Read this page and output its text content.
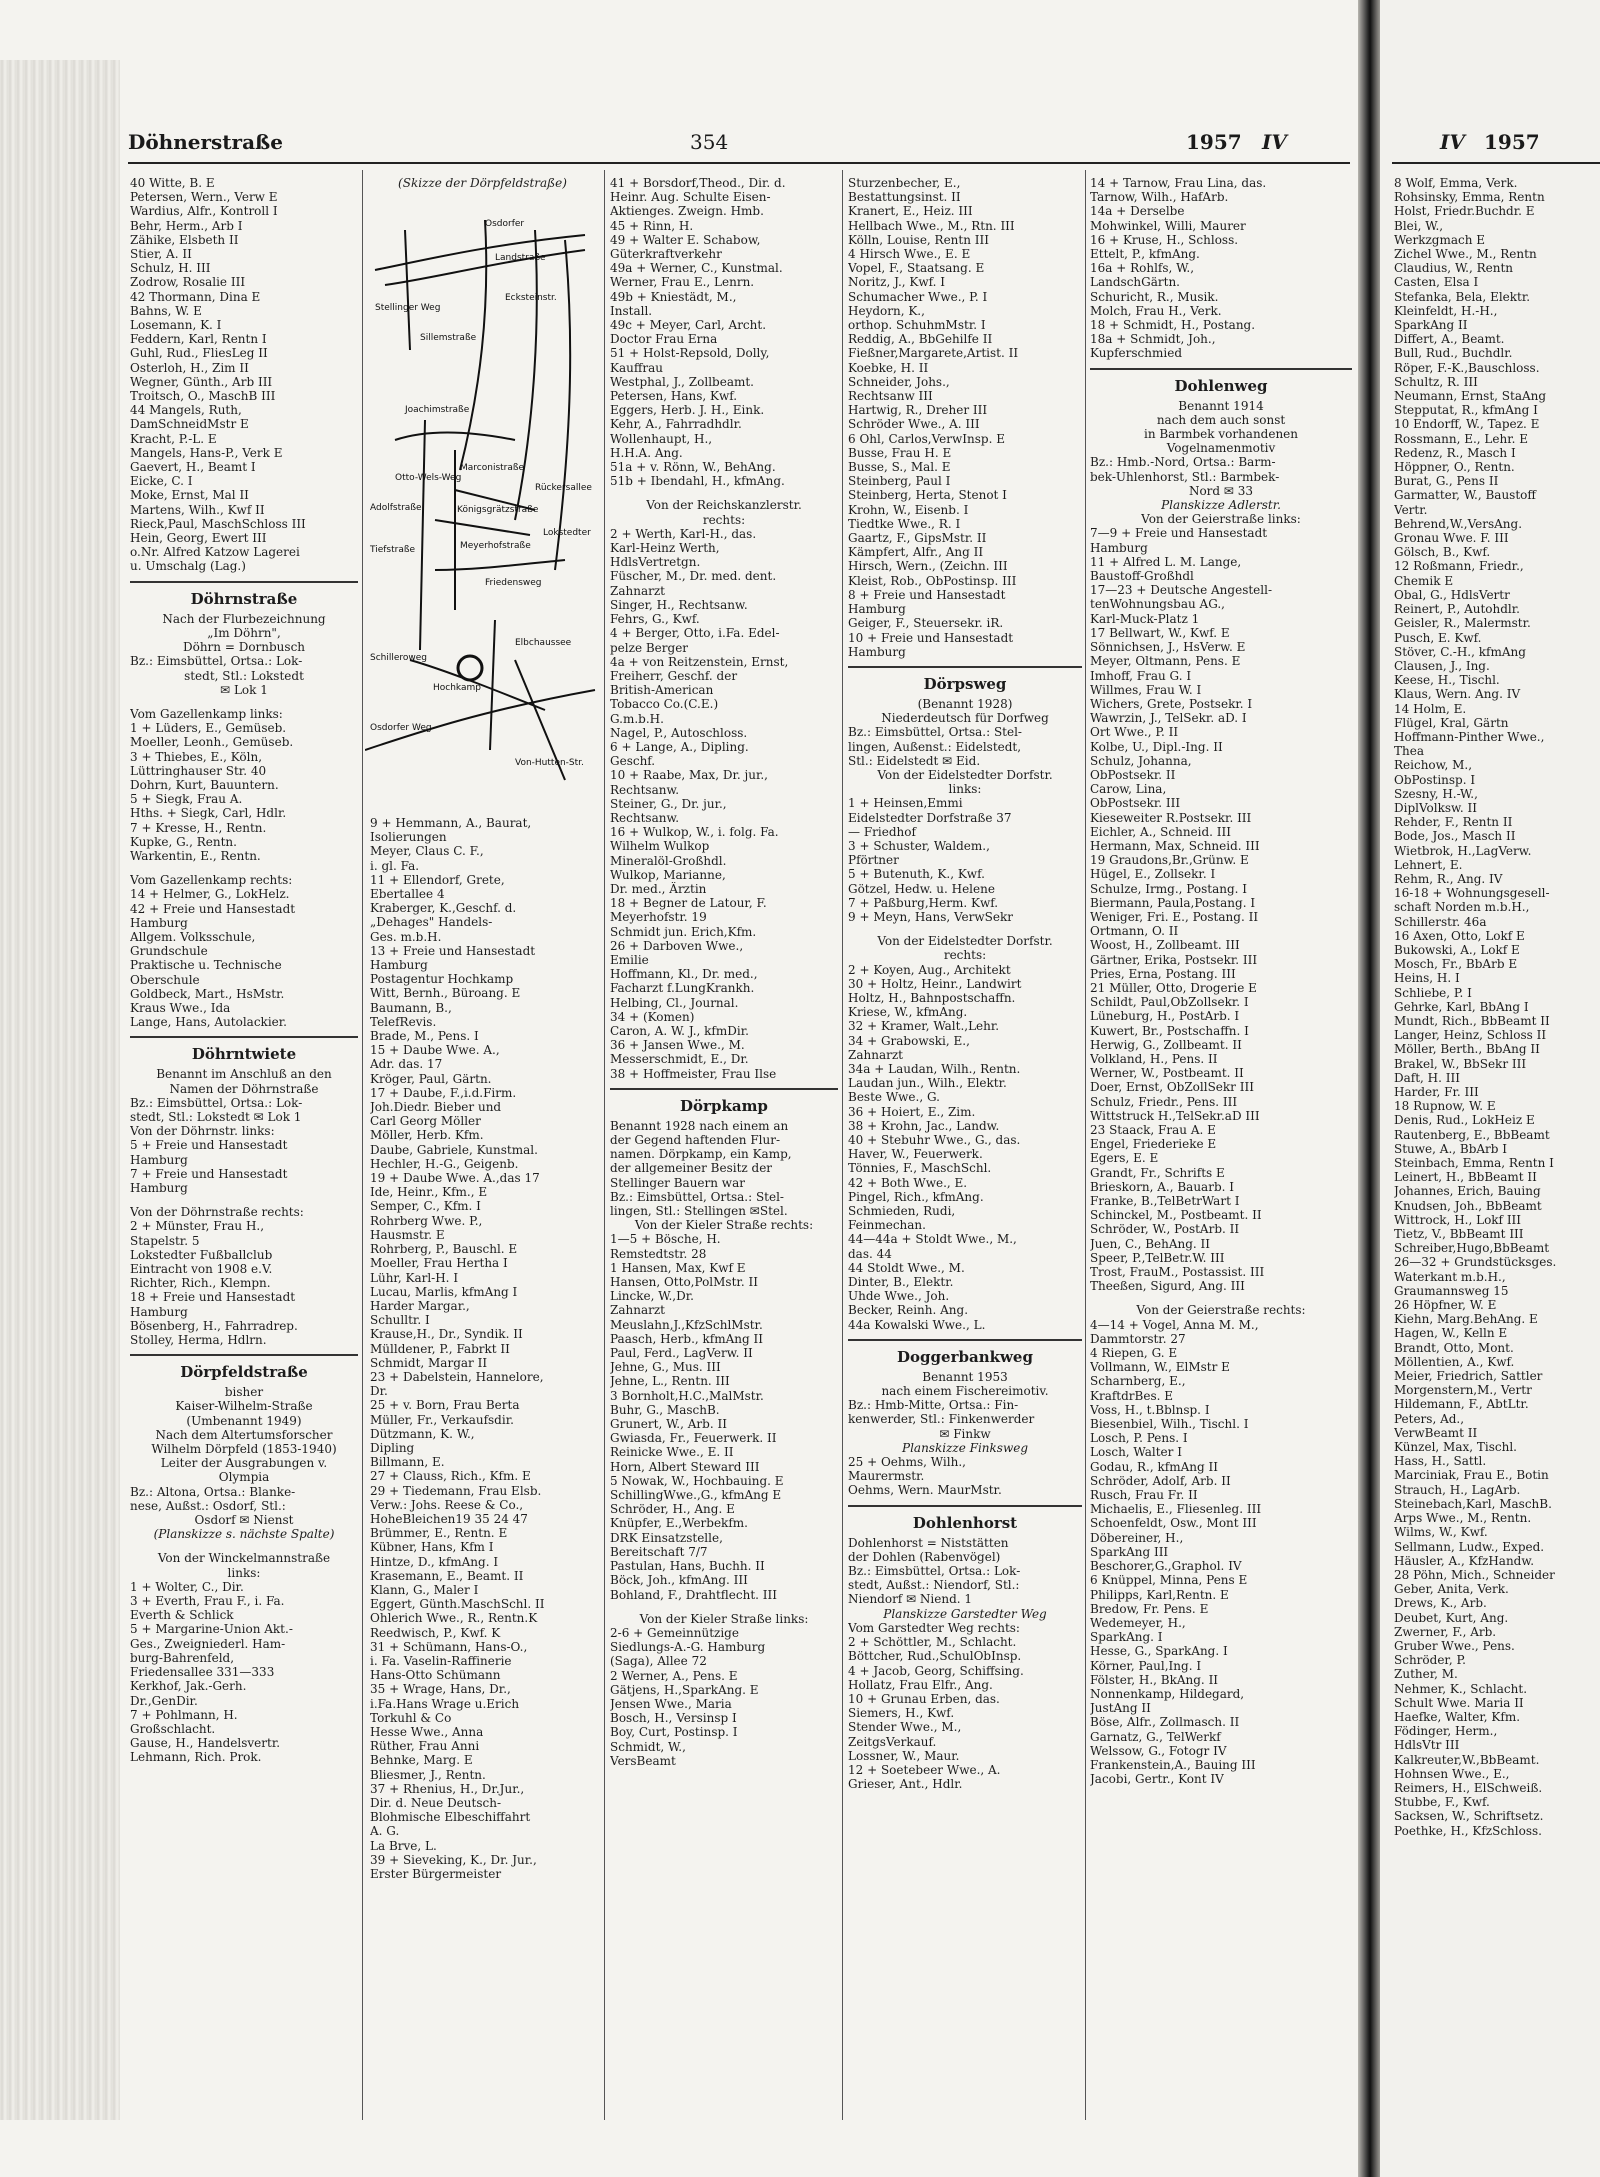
Döhnerstraße	354	1957 IV	IV 1957
40 Witte, B. E
Petersen, Wern., Verw E
Wardius, Alfr., Kontroll I
Behr, Herm., Arb I
Zähike, Elsbeth II
Stier, A. II
Schulz, H. III
Zodrow, Rosalie III
42 Thormann, Dina E
Bahns, W. E
Losemann, K. I
Feddern, Karl, Rentn I
Guhl, Rud., FliesLeg II
Osterloh, H., Zim II
Wegner, Günth., Arb III
Troitsch, O., MaschB III
44 Mangels, Ruth,
DamSchneidMstr E
Kracht, P.-L. E
Mangels, Hans-P., Verk E
Gaevert, H., Beamt I
Eicke, C. I
Moke, Ernst, Mal II
Martens, Wilh., Kwf II
Rieck,Paul, MaschSchloss III
Hein, Georg, Ewert III
o.Nr. Alfred Katzow Lagerei
u. Umschalg (Lag.)
Döhrnstraße
Nach der Flurbezeichnung
„Im Döhrn",
Döhrn = Dornbusch
Bz.: Eimsbüttel, Ortsa.: Lok-
stedt, Stl.: Lokstedt
✉ Lok 1
Vom Gazellenkamp links:
1 + Lüders, E., Gemüseb.
Moeller, Leonh., Gemüseb.
3 + Thiebes, E., Köln,
Lüttringhauser Str. 40
Dohrn, Kurt, Bauuntern.
5 + Siegk, Frau A.
Hths. + Siegk, Carl, Hdlr.
7 + Kresse, H., Rentn.
Kupke, G., Rentn.
Warkentin, E., Rentn.
Vom Gazellenkamp rechts:
14 + Helmer, G., LokHelz.
42 + Freie und Hansestadt
Hamburg
Allgem. Volksschule,
Grundschule
Praktische u. Technische
Oberschule
Goldbeck, Mart., HsMstr.
Kraus Wwe., Ida
Lange, Hans, Autolackier.
Döhrntwiete
Benannt im Anschluß an den
Namen der Döhrnstraße
Bz.: Eimsbüttel, Ortsa.: Lok-
stedt, Stl.: Lokstedt ✉ Lok 1
Von der Döhrnstr. links:
5 + Freie und Hansestadt
Hamburg
7 + Freie und Hansestadt
Hamburg
Von der Döhrnstraße rechts:
2 + Münster, Frau H.,
Stapelstr. 5
Lokstedter Fußballclub
Eintracht von 1908 e.V.
Richter, Rich., Klempn.
18 + Freie und Hansestadt
Hamburg
Bösenberg, H., Fahrradrep.
Stolley, Herma, Hdlrn.
Dörpfeldstraße
bisher
Kaiser-Wilhelm-Straße
(Umbenannt 1949)
Nach dem Altertumsforscher
Wilhelm Dörpfeld (1853-1940)
Leiter der Ausgrabungen v.
Olympia
Bz.: Altona, Ortsa.: Blanke-
nese, Außst.: Osdorf, Stl.:
Osdorf ✉ Nienst
(Planskizze s. nächste Spalte)
Von der Winckelmannstraße
links:
1 + Wolter, C., Dir.
3 + Everth, Frau F., i. Fa.
Everth & Schlick
5 + Margarine-Union Akt.-
Ges., Zweigniederl. Ham-
burg-Bahrenfeld,
Friedensallee 331—333
Kerkhof, Jak.-Gerh.
Dr.,GenDir.
7 + Pohlmann, H.
Großschlacht.
Gause, H., Handelsvertr.
Lehmann, Rich. Prok.
(Skizze der Dörpfeldstraße)
Osdorfer
Landstraße
Stellinger Weg
Ecksteinstr.
Sillemstraße
Joachimstraße
Otto-Wels-Weg
Marconistraße
Adolfstraße	Königsgrätzstraße
Meyerhofstraße
Rückersallee
Lokstedter
Friedensweg
Tiefstraße
Schilleroweg
Hochkamp
Elbchaussee
Osdorfer Weg
Von-Hutten-Str.
9 + Hemmann, A., Baurat,
Isolierungen
Meyer, Claus C. F.,
i. gl. Fa.
11 + Ellendorf, Grete,
Ebertallee 4
Kraberger, K.,Geschf. d.
„Dehages" Handels-
Ges. m.b.H.
13 + Freie und Hansestadt
Hamburg
Postagentur Hochkamp
Witt, Bernh., Büroang. E
Baumann, B.,
TelefRevis.
Brade, M., Pens. I
15 + Daube Wwe. A.,
Adr. das. 17
Kröger, Paul, Gärtn.
17 + Daube, F.,i.d.Firm.
Joh.Diedr. Bieber und
Carl Georg Möller
Möller, Herb. Kfm.
Daube, Gabriele, Kunstmal.
Hechler, H.-G., Geigenb.
19 + Daube Wwe. A.,das 17
Ide, Heinr., Kfm., E
Semper, C., Kfm. I
Rohrberg Wwe. P.,
Hausmstr. E
Rohrberg, P., Bauschl. E
Moeller, Frau Hertha I
Lühr, Karl-H. I
Lucau, Marlis, kfmAng I
Harder Margar.,
Schulltr. I
Krause,H., Dr., Syndik. II
Mülldener, P., Fabrkt II
Schmidt, Margar II
23 + Dabelstein, Hannelore,
Dr.
25 + v. Born, Frau Berta
Müller, Fr., Verkaufsdir.
Dützmann, K. W.,
Dipling
Billmann, E.
27 + Clauss, Rich., Kfm. E
29 + Tiedemann, Frau Elsb.
Verw.: Johs. Reese & Co.,
HoheBleichen19 35 24 47
Brümmer, E., Rentn. E
Kübner, Hans, Kfm I
Hintze, D., kfmAng. I
Krasemann, E., Beamt. II
Klann, G., Maler I
Eggert, Günth.MaschSchl. II
Ohlerich Wwe., R., Rentn.K
Reedwisch, P., Kwf. K
31 + Schümann, Hans-O.,
i. Fa. Vaselin-Raffinerie
Hans-Otto Schümann
35 + Wrage, Hans, Dr.,
i.Fa.Hans Wrage u.Erich
Torkuhl & Co
Hesse Wwe., Anna
Rüther, Frau Anni
Behnke, Marg. E
Bliesmer, J., Rentn.
37 + Rhenius, H., Dr.Jur.,
Dir. d. Neue Deutsch-
Blohmische Elbeschiffahrt
A. G.
La Brve, L.
39 + Sieveking, K., Dr. Jur.,
Erster Bürgermeister
41 + Borsdorf,Theod., Dir. d.
Heinr. Aug. Schulte Eisen-
Aktienges. Zweign. Hmb.
45 + Rinn, H.
49 + Walter E. Schabow,
Güterkraftverkehr
49a + Werner, C., Kunstmal.
Werner, Frau E., Lenrn.
49b + Kniestädt, M.,
Install.
49c + Meyer, Carl, Archt.
Doctor Frau Erna
51 + Holst-Repsold, Dolly,
Kauffrau
Westphal, J., Zollbeamt.
Petersen, Hans, Kwf.
Eggers, Herb. J. H., Eink.
Kehr, A., Fahrradhdlr.
Wollenhaupt, H.,
H.H.A. Ang.
51a + v. Rönn, W., BehAng.
51b + Ibendahl, H., kfmAng.
Von der Reichskanzlerstr.
rechts:
2 + Werth, Karl-H., das.
Karl-Heinz Werth,
HdlsVertretgn.
Füscher, M., Dr. med. dent.
Zahnarzt
Singer, H., Rechtsanw.
Fehrs, G., Kwf.
4 + Berger, Otto, i.Fa. Edel-
pelze Berger
4a + von Reitzenstein, Ernst,
Freiherr, Geschf. der
British-American
Tobacco Co.(C.E.)
G.m.b.H.
Nagel, P., Autoschloss.
6 + Lange, A., Dipling.
Geschf.
10 + Raabe, Max, Dr. jur.,
Rechtsanw.
Steiner, G., Dr. jur.,
Rechtsanw.
16 + Wulkop, W., i. folg. Fa.
Wilhelm Wulkop
Mineralöl-Großhdl.
Wulkop, Marianne,
Dr. med., Ärztin
18 + Begner de Latour, F.
Meyerhofstr. 19
Schmidt jun. Erich,Kfm.
26 + Darboven Wwe.,
Emilie
Hoffmann, Kl., Dr. med.,
Facharzt f.LungKrankh.
Helbing, Cl., Journal.
34 + (Komen)
Caron, A. W. J., kfmDir.
36 + Jansen Wwe., M.
Messerschmidt, E., Dr.
38 + Hoffmeister, Frau Ilse
Dörpkamp
Benannt 1928 nach einem an
der Gegend haftenden Flur-
namen. Dörpkamp, ein Kamp,
der allgemeiner Besitz der
Stellinger Bauern war
Bz.: Eimsbüttel, Ortsa.: Stel-
lingen, Stl.: Stellingen ✉Stel.
Von der Kieler Straße rechts:
1—5 + Bösche, H.
Remstedtstr. 28
1 Hansen, Max, Kwf E
Hansen, Otto,PolMstr. II
Lincke, W.,Dr.
Zahnarzt
Meuslahn,J.,KfzSchlMstr.
Paasch, Herb., kfmAng II
Paul, Ferd., LagVerw. II
Jehne, G., Mus. III
Jehne, L., Rentn. III
3 Bornholt,H.C.,MalMstr.
Buhr, G., MaschB.
Grunert, W., Arb. II
Gwiasda, Fr., Feuerwerk. II
Reinicke Wwe., E. II
Horn, Albert Steward III
5 Nowak, W., Hochbauing. E
SchillingWwe.,G., kfmAng E
Schröder, H., Ang. E
Knüpfer, E.,Werbekfm.
DRK Einsatzstelle,
Bereitschaft 7/7
Pastulan, Hans, Buchh. II
Böck, Joh., kfmAng. III
Bohland, F., Drahtflecht. III
Von der Kieler Straße links:
2-6 + Gemeinnützige
Siedlungs-A.-G. Hamburg
(Saga), Allee 72
2 Werner, A., Pens. E
Gätjens, H.,SparkAng. E
Jensen Wwe., Maria
Bosch, H., Versinsp I
Boy, Curt, Postinsp. I
Schmidt, W.,
VersBeamt
Sturzenbecher, E.,
Bestattungsinst. II
Kranert, E., Heiz. III
Hellbach Wwe., M., Rtn. III
Kölln, Louise, Rentn III
4 Hirsch Wwe., E. E
Vopel, F., Staatsang. E
Noritz, J., Kwf. I
Schumacher Wwe., P. I
Heydorn, K.,
orthop. SchuhmMstr. I
Reddig, A., BbGehilfe II
Fießner,Margarete,Artist. II
Koebke, H. II
Schneider, Johs.,
Rechtsanw III
Hartwig, R., Dreher III
Schröder Wwe., A. III
6 Ohl, Carlos,VerwInsp. E
Busse, Frau H. E
Busse, S., Mal. E
Steinberg, Paul I
Steinberg, Herta, Stenot I
Krohn, W., Eisenb. I
Tiedtke Wwe., R. I
Gaartz, F., GipsMstr. II
Kämpfert, Alfr., Ang II
Hirsch, Wern., (Zeichn. III
Kleist, Rob., ObPostinsp. III
8 + Freie und Hansestadt
Hamburg
Geiger, F., Steuersekr. iR.
10 + Freie und Hansestadt
Hamburg
Dörpsweg
(Benannt 1928)
Niederdeutsch für Dorfweg
Bz.: Eimsbüttel, Ortsa.: Stel-
lingen, Außenst.: Eidelstedt,
Stl.: Eidelstedt ✉ Eid.
Von der Eidelstedter Dorfstr.
links:
1 + Heinsen,Emmi
Eidelstedter Dorfstraße 37
— Friedhof
3 + Schuster, Waldem.,
Pförtner
5 + Butenuth, K., Kwf.
Götzel, Hedw. u. Helene
7 + Paßburg,Herm. Kwf.
9 + Meyn, Hans, VerwSekr
Von der Eidelstedter Dorfstr.
rechts:
2 + Koyen, Aug., Architekt
30 + Holtz, Heinr., Landwirt
Holtz, H., Bahnpostschaffn.
Kriese, W., kfmAng.
32 + Kramer, Walt.,Lehr.
34 + Grabowski, E.,
Zahnarzt
34a + Laudan, Wilh., Rentn.
Laudan jun., Wilh., Elektr.
Beste Wwe., G.
36 + Hoiert, E., Zim.
38 + Krohn, Jac., Landw.
40 + Stebuhr Wwe., G., das.
Haver, W., Feuerwerk.
Tönnies, F., MaschSchl.
42 + Both Wwe., E.
Pingel, Rich., kfmAng.
Schmieden, Rudi,
Feinmechan.
44—44a + Stoldt Wwe., M.,
das. 44
44 Stoldt Wwe., M.
Dinter, B., Elektr.
Uhde Wwe., Joh.
Becker, Reinh. Ang.
44a Kowalski Wwe., L.
Doggerbankweg
Benannt 1953
nach einem Fischereimotiv.
Bz.: Hmb-Mitte, Ortsa.: Fin-
kenwerder, Stl.: Finkenwerder
✉ Finkw
Planskizze Finksweg
25 + Oehms, Wilh.,
Maurermstr.
Oehms, Wern. MaurMstr.
Dohlenhorst
Dohlenhorst = Niststätten
der Dohlen (Rabenvögel)
Bz.: Eimsbüttel, Ortsa.: Lok-
stedt, Außst.: Niendorf, Stl.:
Niendorf ✉ Niend. 1
Planskizze Garstedter Weg
Vom Garstedter Weg rechts:
2 + Schöttler, M., Schlacht.
Böttcher, Rud.,SchulObInsp.
4 + Jacob, Georg, Schiffsing.
Hollatz, Frau Elfr., Ang.
10 + Grunau Erben, das.
Siemers, H., Kwf.
Stender Wwe., M.,
ZeitgsVerkauf.
Lossner, W., Maur.
12 + Soetebeer Wwe., A.
Grieser, Ant., Hdlr.
14 + Tarnow, Frau Lina, das.
Tarnow, Wilh., HafArb.
14a + Derselbe
Mohwinkel, Willi, Maurer
16 + Kruse, H., Schloss.
Ettelt, P., kfmAng.
16a + Rohlfs, W.,
LandschGärtn.
Schuricht, R., Musik.
Molch, Frau H., Verk.
18 + Schmidt, H., Postang.
18a + Schmidt, Joh.,
Kupferschmied
Dohlenweg
Benannt 1914
nach dem auch sonst
in Barmbek vorhandenen
Vogelnamenmotiv
Bz.: Hmb.-Nord, Ortsa.: Barm-
bek-Uhlenhorst, Stl.: Barmbek-
Nord ✉ 33
Planskizze Adlerstr.
Von der Geierstraße links:
7—9 + Freie und Hansestadt
Hamburg
11 + Alfred L. M. Lange,
Baustoff-Großhdl
17—23 + Deutsche Angestell-
tenWohnungsbau AG.,
Karl-Muck-Platz 1
17 Bellwart, W., Kwf. E
Sönnichsen, J., HsVerw. E
Meyer, Oltmann, Pens. E
Imhoff, Frau G. I
Willmes, Frau W. I
Wichers, Grete, Postsekr. I
Wawrzin, J., TelSekr. aD. I
Ort Wwe., P. II
Kolbe, U., Dipl.-Ing. II
Schulz, Johanna,
ObPostsekr. II
Carow, Lina,
ObPostsekr. III
Kieseweiter R.Postsekr. III
Eichler, A., Schneid. III
Hermann, Max, Schneid. III
19 Graudons,Br.,Grünw. E
Hügel, E., Zollsekr. I
Schulze, Irmg., Postang. I
Biermann, Paula,Postang. I
Weniger, Fri. E., Postang. II
Ortmann, O. II
Woost, H., Zollbeamt. III
Gärtner, Erika, Postsekr. III
Pries, Erna, Postang. III
21 Müller, Otto, Drogerie E
Schildt, Paul,ObZollsekr. I
Lüneburg, H., PostArb. I
Kuwert, Br., Postschaffn. I
Herwig, G., Zollbeamt. II
Volkland, H., Pens. II
Werner, W., Postbeamt. II
Doer, Ernst, ObZollSekr III
Schulz, Friedr., Pens. III
Wittstruck H.,TelSekr.aD III
23 Staack, Frau A. E
Engel, Friederieke E
Egers, E. E
Grandt, Fr., Schrifts E
Brieskorn, A., Bauarb. I
Franke, B.,TelBetrWart I
Schinckel, M., Postbeamt. II
Schröder, W., PostArb. II
Juen, C., BehAng. II
Speer, P.,TelBetr.W. III
Trost, FrauM., Postassist. III
Theeßen, Sigurd, Ang. III
Von der Geierstraße rechts:
4—14 + Vogel, Anna M. M.,
Dammtorstr. 27
4 Riepen, G. E
Vollmann, W., ElMstr E
Scharnberg, E.,
KraftdrBes. E
Voss, H., t.Bblnsp. I
Biesenbiel, Wilh., Tischl. I
Losch, P. Pens. I
Losch, Walter I
Godau, R., kfmAng II
Schröder, Adolf, Arb. II
Rusch, Frau Fr. II
Michaelis, E., Fliesenleg. III
Schoenfeldt, Osw., Mont III
Döbereiner, H.,
SparkAng III
Beschorer,G.,Graphol. IV
6 Knüppel, Minna, Pens E
Philipps, Karl,Rentn. E
Bredow, Fr. Pens. E
Wedemeyer, H.,
SparkAng. I
Hesse, G., SparkAng. I
Körner, Paul,Ing. I
Fölster, H., BkAng. II
Nonnenkamp, Hildegard,
JustAng II
Böse, Alfr., Zollmasch. II
Garnatz, G., TelWerkf
Welssow, G., Fotogr IV
Frankenstein,A., Bauing III
Jacobi, Gertr., Kont IV
8 Wolf, Emma, Verk.
Rohsinsky, Emma, Rentn
Holst, Friedr.Buchdr. E
Blei, W.,
Werkzgmach E
Zichel Wwe., M., Rentn
Claudius, W., Rentn
Casten, Elsa I
Stefanka, Bela, Elektr.
Kleinfeldt, H.-H.,
SparkAng II
Differt, A., Beamt.
Bull, Rud., Buchdlr.
Röper, F.-K.,Bauschloss.
Schultz, R. III
Neumann, Ernst, StaAng
Stepputat, R., kfmAng I
10 Endorff, W., Tapez. E
Rossmann, E., Lehr. E
Redenz, R., Masch I
Höppner, O., Rentn.
Burat, G., Pens II
Garmatter, W., Baustoff
Vertr.
Behrend,W.,VersAng.
Gronau Wwe. F. III
Gölsch, B., Kwf.
12 Roßmann, Friedr.,
Chemik E
Obal, G., HdlsVertr
Reinert, P., Autohdlr.
Geisler, R., Malermstr.
Pusch, E. Kwf.
Stöver, C.-H., kfmAng
Clausen, J., Ing.
Keese, H., Tischl.
Klaus, Wern. Ang. IV
14 Holm, E.
Flügel, Kral, Gärtn
Hoffmann-Pinther Wwe.,
Thea
Reichow, M.,
ObPostinsp. I
Szesny, H.-W.,
DiplVolksw. II
Rehder, F., Rentn II
Bode, Jos., Masch II
Wietbrok, H.,LagVerw.
Lehnert, E.
Rehm, R., Ang. IV
16-18 + Wohnungsgesell-
schaft Norden m.b.H.,
Schillerstr. 46a
16 Axen, Otto, Lokf E
Bukowski, A., Lokf E
Mosch, Fr., BbArb E
Heins, H. I
Schliebe, P. I
Gehrke, Karl, BbAng I
Mundt, Rich., BbBeamt II
Langer, Heinz, Schloss II
Möller, Berth., BbAng II
Brakel, W., BbSekr III
Daft, H. III
Harder, Fr. III
18 Rupnow, W. E
Denis, Rud., LokHeiz E
Rautenberg, E., BbBeamt
Stuwe, A., BbArb I
Steinbach, Emma, Rentn I
Leinert, H., BbBeamt II
Johannes, Erich, Bauing
Knudsen, Joh., BbBeamt
Wittrock, H., Lokf III
Tietz, V., BbBeamt III
Schreiber,Hugo,BbBeamt
26—32 + Grundstücksges.
Waterkant m.b.H.,
Graumannsweg 15
26 Höpfner, W. E
Kiehn, Marg.BehAng. E
Hagen, W., Kelln E
Brandt, Otto, Mont.
Möllentien, A., Kwf.
Meier, Friedrich, Sattler
Morgenstern,M., Vertr
Hildemann, F., AbtLtr.
Peters, Ad.,
VerwBeamt II
Künzel, Max, Tischl.
Hass, H., Sattl.
Marciniak, Frau E., Botin
Strauch, H., LagArb.
Steinebach,Karl, MaschB.
Arps Wwe., M., Rentn.
Wilms, W., Kwf.
Sellmann, Ludw., Exped.
Häusler, A., KfzHandw.
28 Pöhn, Mich., Schneider
Geber, Anita, Verk.
Drews, K., Arb.
Deubet, Kurt, Ang.
Zwerner, F., Arb.
Gruber Wwe., Pens.
Schröder, P.
Zuther, M.
Nehmer, K., Schlacht.
Schult Wwe. Maria II
Haefke, Walter, Kfm.
Födinger, Herm.,
HdlsVtr III
Kalkreuter,W.,BbBeamt.
Hohnsen Wwe., E.,
Reimers, H., ElSchweiß.
Stubbe, F., Kwf.
Sacksen, W., Schriftsetz.
Poethke, H., KfzSchloss.
